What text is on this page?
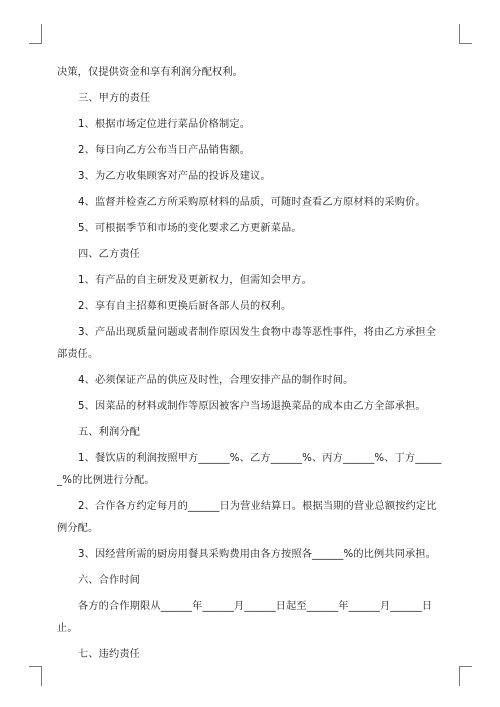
决策，仅提供资金和享有利润分配权利。

三、甲方的责任

1、根据市场定位进行菜品价格制定。

2、每日向乙方公布当日产品销售额。

3、为乙方收集顾客对产品的投诉及建议。

4、监督并检查乙方所采购原材料的品质，可随时查看乙方原材料的采购价。

5、可根据季节和市场的变化要求乙方更新菜品。

四、乙方责任

1、有产品的自主研发及更新权力，但需知会甲方。

2、享有自主招募和更换后厨各部人员的权利。

3、产品出现质量问题或者制作原因发生食物中毒等恶性事件，将由乙方承担全部责任。

4、必须保证产品的供应及时性，合理安排产品的制作时间。

5、因菜品的材料或制作等原因被客户当场退换菜品的成本由乙方全部承担。

五、利润分配

1、餐饮店的利润按照甲方______%、乙方______%、丙方______%、丁方______%的比例进行分配。

2、合作各方约定每月的______日为营业结算日。根据当期的营业总额按约定比例分配。

3、因经营所需的厨房用餐具采购费用由各方按照各______%的比例共同承担。

六、合作时间

各方的合作期限从______年______月______日起至______年______月______日止。

七、违约责任
